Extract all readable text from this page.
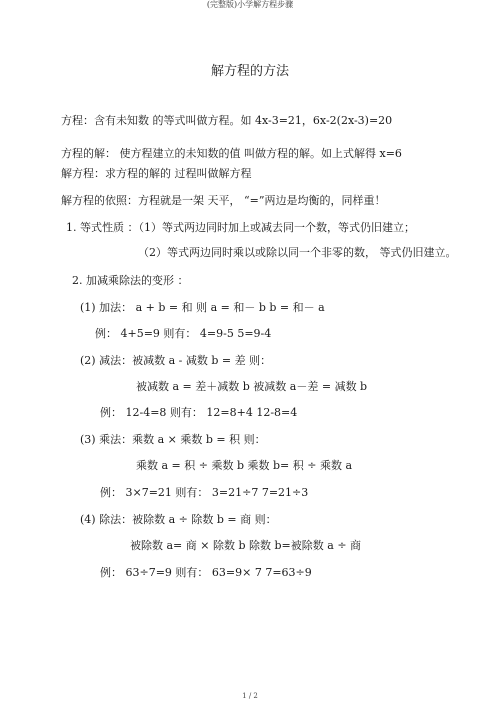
(完整版)小学解方程步骤
解方程的方法
方程：含有未知数 的等式叫做方程。如 4x-3=21，6x-2(2x-3)=20
方程的解： 使方程建立的未知数的值 叫做方程的解。如上式解得 x=6
解方程：求方程的解的 过程叫做解方程
解方程的依照：方程就是一架 天平， “=”两边是均衡的，同样重！
1. 等式性质 ：（1）等式两边同时加上或减去同一个数，等式仍旧建立；
（2）等式两边同时乘以或除以同一个非零的数， 等式仍旧建立。
2. 加减乘除法的变形 ：
(1) 加法： a + b = 和 则 a = 和－ b b = 和－ a
例： 4+5=9 则有： 4=9-5 5=9-4
(2) 减法：被减数 a - 减数 b = 差 则：
被减数 a = 差＋减数 b 被减数 a－差 = 减数 b
例： 12-4=8 则有： 12=8+4 12-8=4
(3) 乘法：乘数 a × 乘数 b = 积 则：
乘数 a = 积 ÷ 乘数 b 乘数 b= 积 ÷ 乘数 a
例： 3×7=21 则有： 3=21÷7 7=21÷3
(4) 除法：被除数 a ÷ 除数 b = 商 则：
被除数 a= 商 × 除数 b 除数 b=被除数 a ÷ 商
例： 63÷7=9 则有： 63=9× 7 7=63÷9
1 / 2
